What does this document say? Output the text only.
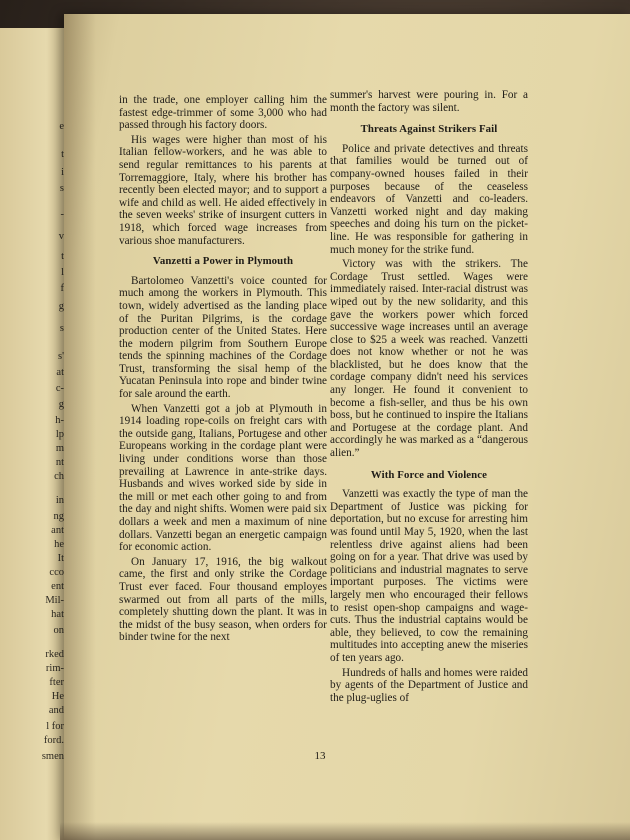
e
t
i
s
-
v
t
l
f
g
s
s'
at
c-
g
h-
lp
m
nt
ch
in
ng
ant
he
It
cco
ent
Mil-
hat
on
rked
rim-
fter
He
and
l for
ford.
smen

in the trade, one employer calling him the fastest edge-trimmer of some 3,000 who had passed through his factory doors.

His wages were higher than most of his Italian fellow-workers, and he was able to send regular remittances to his parents at Torremaggiore, Italy, where his brother has recently been elected mayor; and to support a wife and child as well. He aided effectively in the seven weeks' strike of insurgent cutters in 1918, which forced wage increases from various shoe manufacturers.

Vanzetti a Power in Plymouth

Bartolomeo Vanzetti's voice counted for much among the workers in Plymouth. This town, widely advertised as the landing place of the Puritan Pilgrims, is the cordage production center of the United States. Here the modern pilgrim from Southern Europe tends the spinning machines of the Cordage Trust, transforming the sisal hemp of the Yucatan Peninsula into rope and binder twine for sale around the earth.

When Vanzetti got a job at Plymouth in 1914 loading rope-coils on freight cars with the outside gang, Italians, Portugese and other Europeans working in the cordage plant were living under conditions worse than those prevailing at Lawrence in ante-strike days. Husbands and wives worked side by side in the mill or met each other going to and from the day and night shifts. Women were paid six dollars a week and men a maximum of nine dollars. Vanzetti began an energetic campaign for economic action.

On January 17, 1916, the big walkout came, the first and only strike the Cordage Trust ever faced. Four thousand employes swarmed out from all parts of the mills, completely shutting down the plant. It was in the midst of the busy season, when orders for binder twine for the next

summer's harvest were pouring in. For a month the factory was silent.

Threats Against Strikers Fail

Police and private detectives and threats that families would be turned out of company-owned houses failed in their purposes because of the ceaseless endeavors of Vanzetti and co-leaders. Vanzetti worked night and day making speeches and doing his turn on the picket-line. He was responsible for gathering in much money for the strike fund.

Victory was with the strikers. The Cordage Trust settled. Wages were immediately raised. Inter-racial distrust was wiped out by the new solidarity, and this gave the workers power which forced successive wage increases until an average close to $25 a week was reached. Vanzetti does not know whether or not he was blacklisted, but he does know that the cordage company didn't need his services any longer. He found it convenient to become a fish-seller, and thus be his own boss, but he continued to inspire the Italians and Portugese at the cordage plant. And accordingly he was marked as a “dangerous alien.”

With Force and Violence

Vanzetti was exactly the type of man the Department of Justice was picking for deportation, but no excuse for arresting him was found until May 5, 1920, when the last relentless drive against aliens had been going on for a year. That drive was used by politicians and industrial magnates to serve important purposes. The victims were largely men who encouraged their fellows to resist open-shop campaigns and wage-cuts. Thus the industrial captains would be able, they believed, to cow the remaining multitudes into accepting anew the miseries of ten years ago.

Hundreds of halls and homes were raided by agents of the Department of Justice and the plug-uglies of

13
